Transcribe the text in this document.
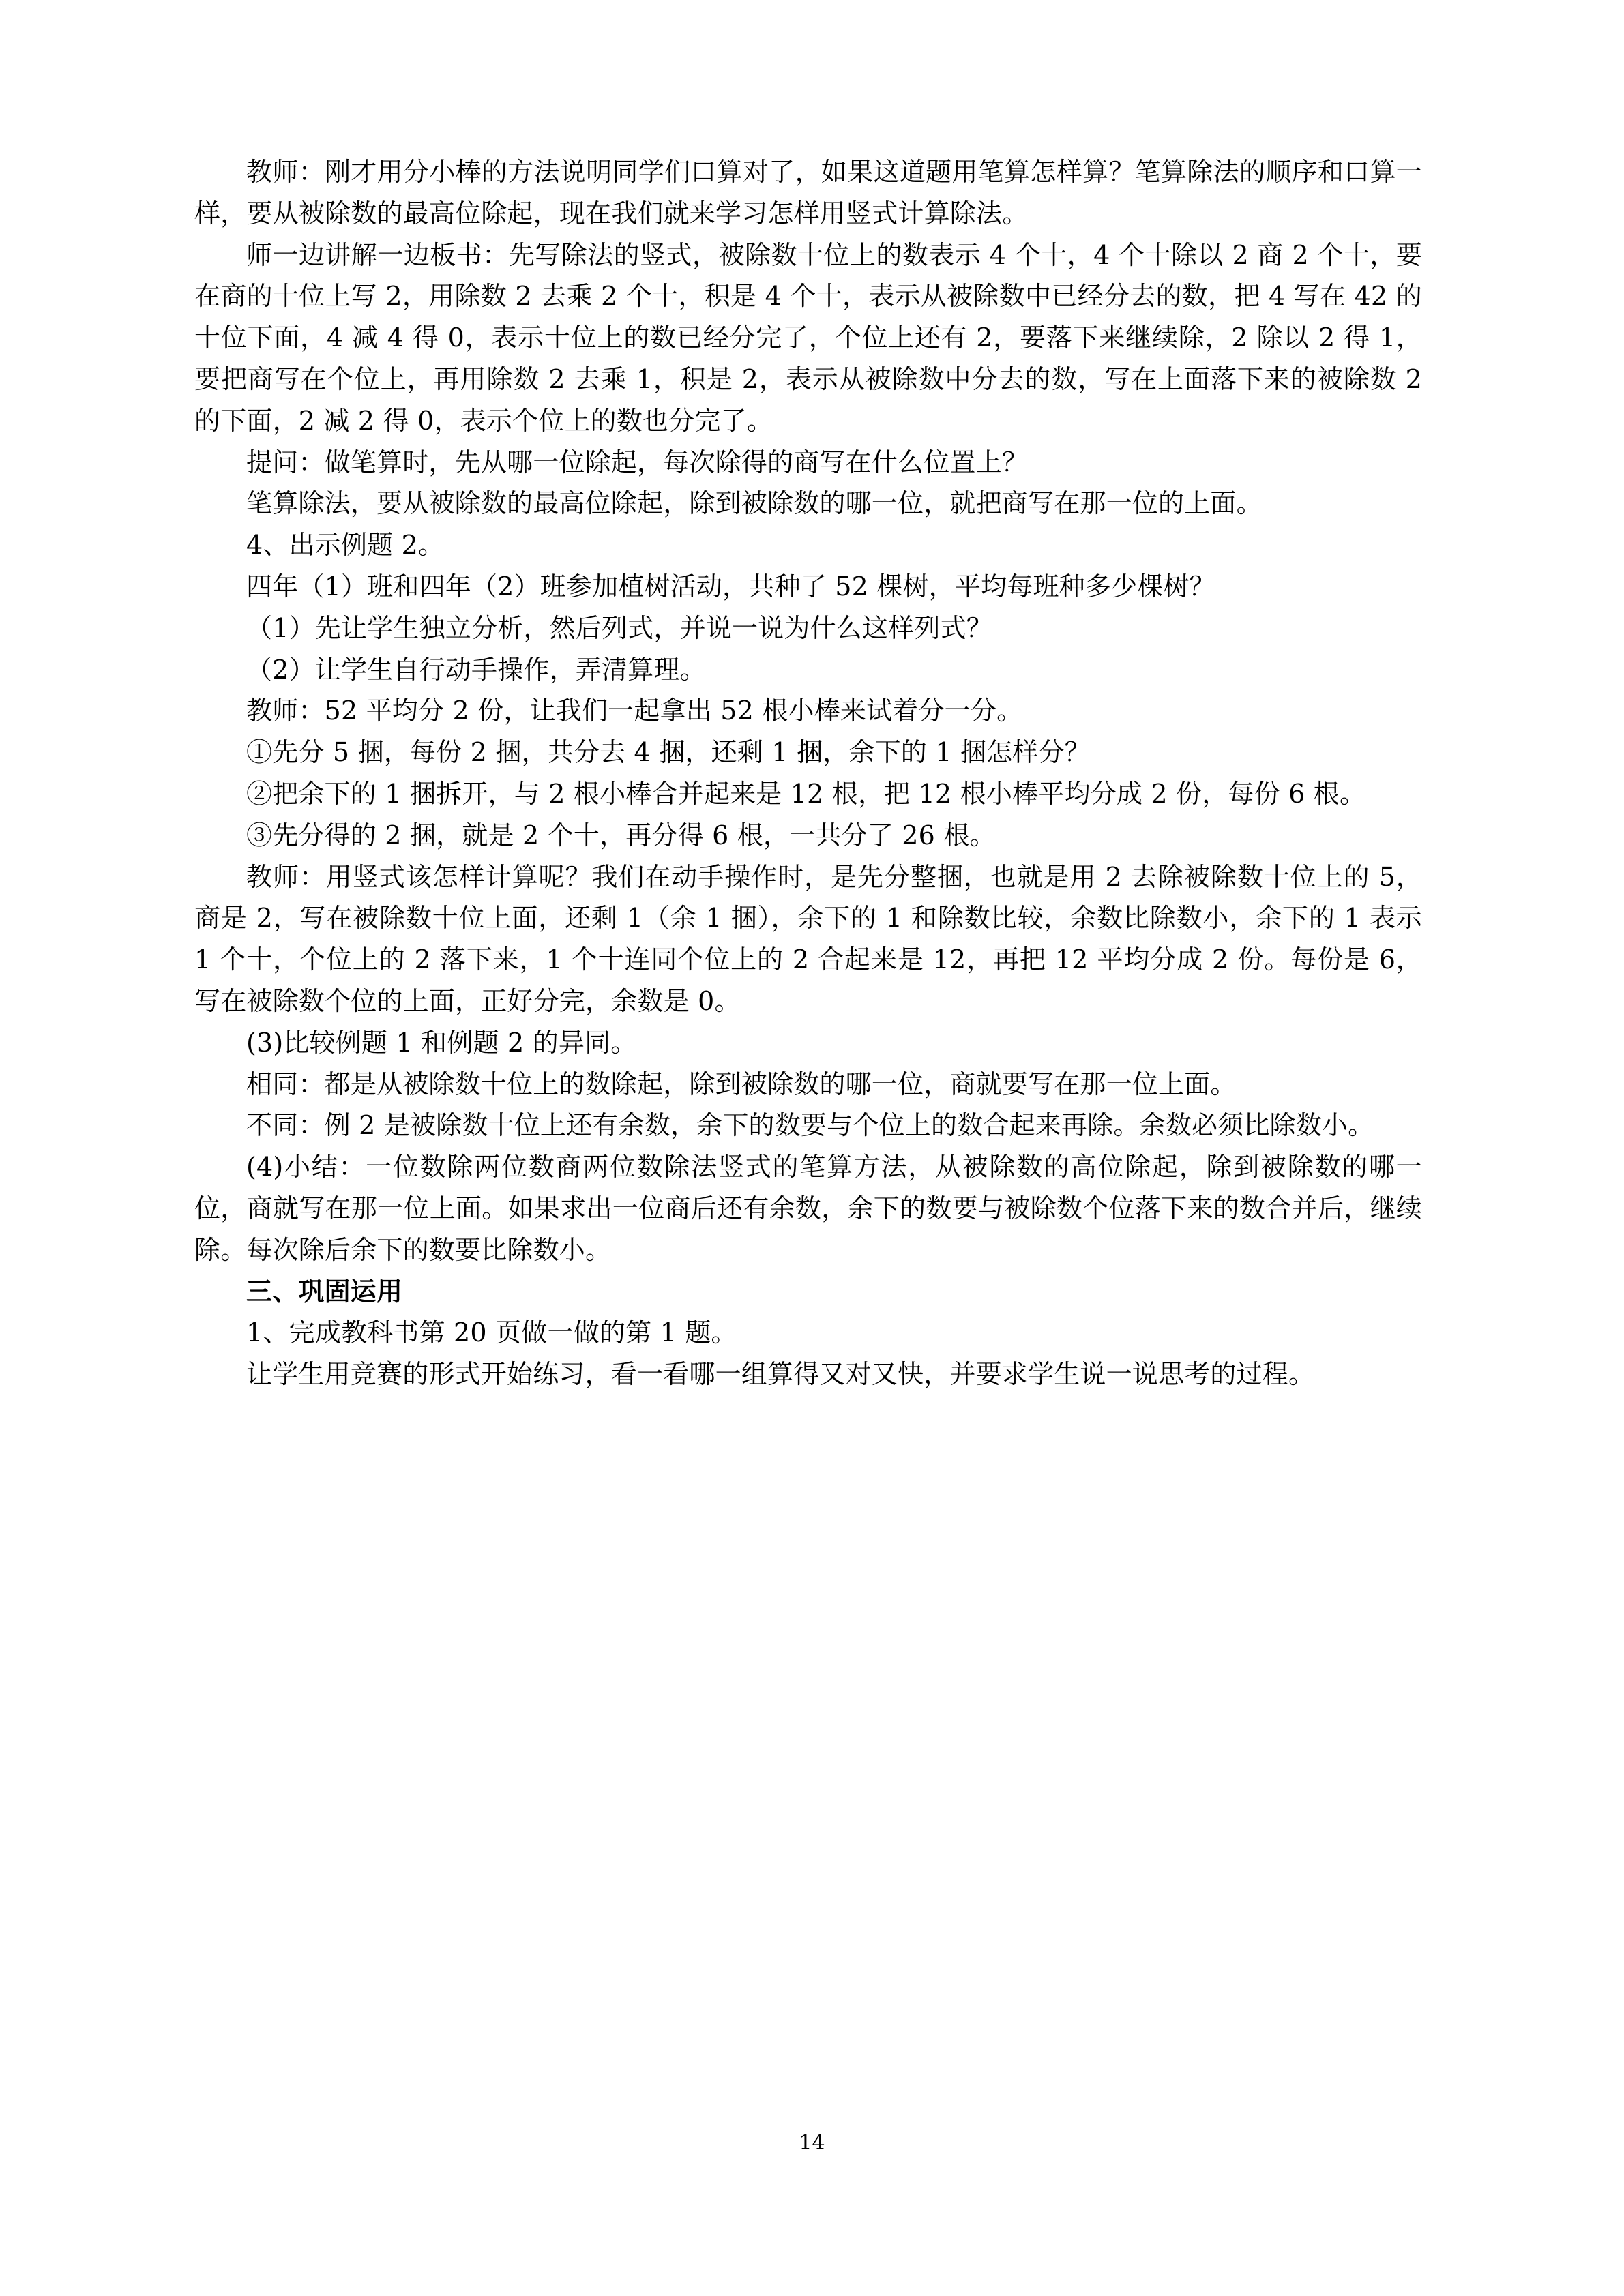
教师：刚才用分小棒的方法说明同学们口算对了，如果这道题用笔算怎样算？笔算除法的顺序和口算一样，要从被除数的最高位除起，现在我们就来学习怎样用竖式计算除法。

师一边讲解一边板书：先写除法的竖式，被除数十位上的数表示 4 个十，4 个十除以 2 商 2 个十，要在商的十位上写 2，用除数 2 去乘 2 个十，积是 4 个十，表示从被除数中已经分去的数，把 4 写在 42 的十位下面，4 减 4 得 0，表示十位上的数已经分完了，个位上还有 2，要落下来继续除，2 除以 2 得 1，要把商写在个位上，再用除数 2 去乘 1，积是 2，表示从被除数中分去的数，写在上面落下来的被除数 2 的下面，2 减 2 得 0，表示个位上的数也分完了。

提问：做笔算时，先从哪一位除起，每次除得的商写在什么位置上？

笔算除法，要从被除数的最高位除起，除到被除数的哪一位，就把商写在那一位的上面。

4、出示例题 2。

四年（1）班和四年（2）班参加植树活动，共种了 52 棵树，平均每班种多少棵树？

（1）先让学生独立分析，然后列式，并说一说为什么这样列式？

（2）让学生自行动手操作，弄清算理。

教师：52 平均分 2 份，让我们一起拿出 52 根小棒来试着分一分。

①先分 5 捆，每份 2 捆，共分去 4 捆，还剩 1 捆，余下的 1 捆怎样分？

②把余下的 1 捆拆开，与 2 根小棒合并起来是 12 根，把 12 根小棒平均分成 2 份，每份 6 根。

③先分得的 2 捆，就是 2 个十，再分得 6 根，一共分了 26 根。

教师：用竖式该怎样计算呢？我们在动手操作时，是先分整捆，也就是用 2 去除被除数十位上的 5，商是 2，写在被除数十位上面，还剩 1（余 1 捆），余下的 1 和除数比较，余数比除数小，余下的 1 表示 1 个十，个位上的 2 落下来，1 个十连同个位上的 2 合起来是 12，再把 12 平均分成 2 份。每份是 6，写在被除数个位的上面，正好分完，余数是 0。

(3)比较例题 1 和例题 2 的异同。

相同：都是从被除数十位上的数除起，除到被除数的哪一位，商就要写在那一位上面。

不同：例 2 是被除数十位上还有余数，余下的数要与个位上的数合起来再除。余数必须比除数小。

(4)小结：一位数除两位数商两位数除法竖式的笔算方法，从被除数的高位除起，除到被除数的哪一位，商就写在那一位上面。如果求出一位商后还有余数，余下的数要与被除数个位落下来的数合并后，继续除。每次除后余下的数要比除数小。

三、巩固运用

1、完成教科书第 20 页做一做的第 1 题。

让学生用竞赛的形式开始练习，看一看哪一组算得又对又快，并要求学生说一说思考的过程。

14
